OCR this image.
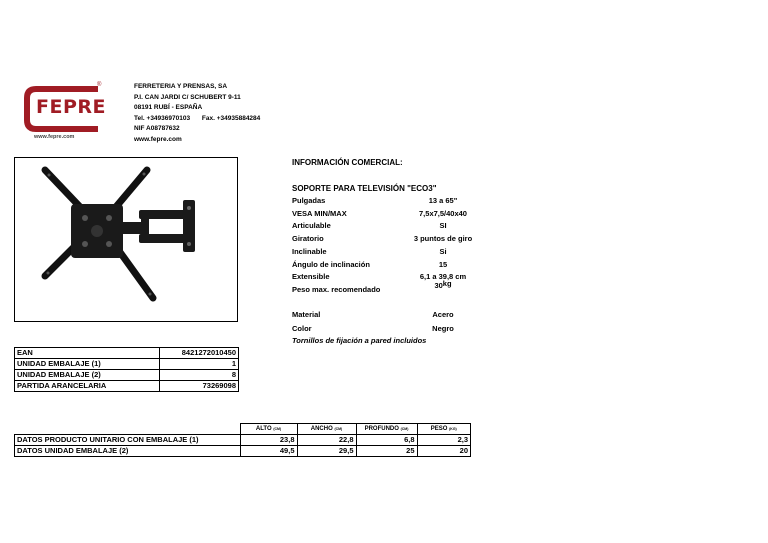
FEPRE
®
www.fepre.com
FERRETERIA Y PRENSAS, SA
P.I. CAN JARDI C/ SCHUBERT 9-11
08191 RUBÍ - ESPAÑA
Tel. +34936970103 Fax. +34935884284
NIF A08787632
www.fepre.com
INFORMACIÓN COMERCIAL:
SOPORTE PARA TELEVISIÓN "ECO3"
Pulgadas	13 a 65"
VESA MIN/MAX	7,5x7,5/40x40
Articulable	SI
Giratorio	3 puntos de giro
Inclinable	Si
Ángulo de inclinación	15
Extensible	6,1 a 39,8 cm
Peso max. recomendado	30kg
Material	Acero
Color	Negro
Tornillos de fijación a pared incluidos
EAN	8421272010450
UNIDAD EMBALAJE (1)	1
UNIDAD EMBALAJE (2)	8
PARTIDA ARANCELARIA	73269098
	ALTO (CM)	ANCHO (CM)	PROFUNDO (CM)	PESO (KG)
DATOS PRODUCTO UNITARIO CON EMBALAJE (1)	23,8	22,8	6,8	2,3
DATOS UNIDAD EMBALAJE (2)	49,5	29,5	25	20
